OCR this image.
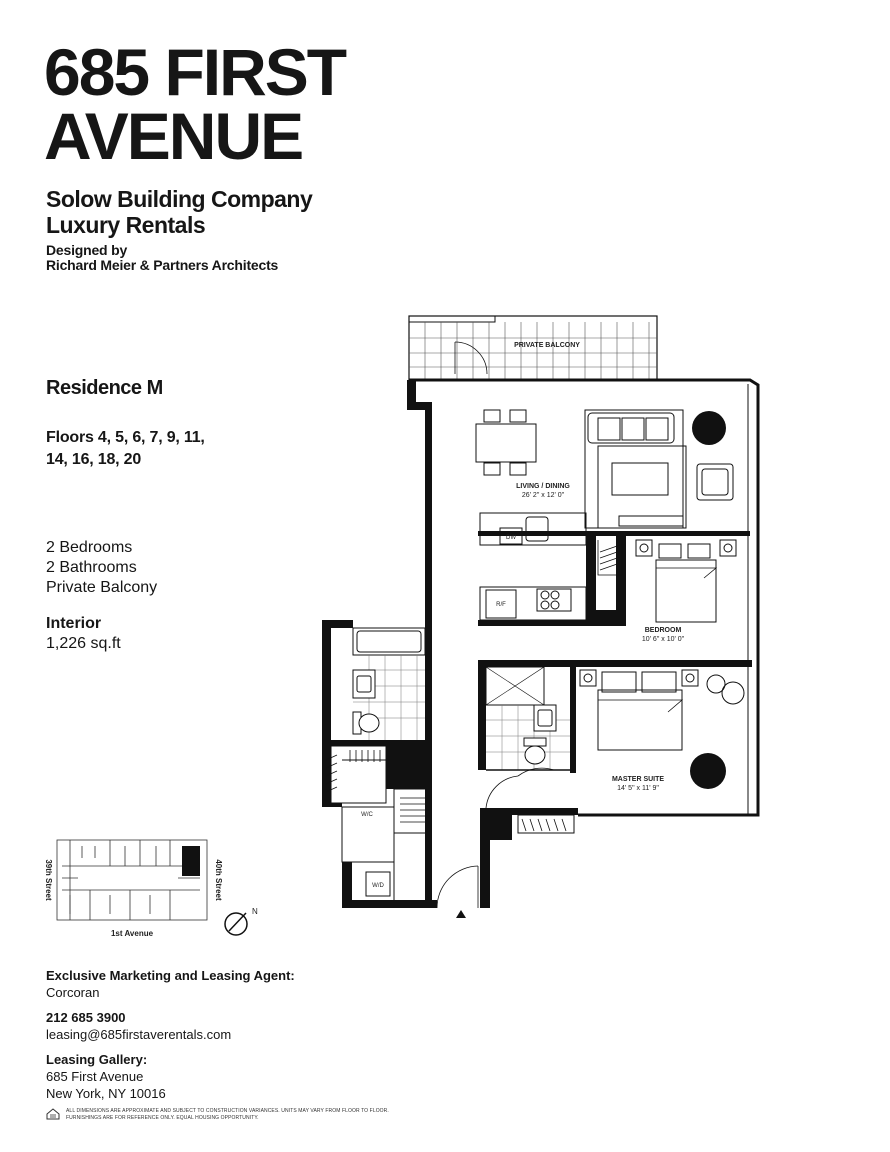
685 FIRST
AVENUE
Solow Building Company
Luxury Rentals
Designed by
Richard Meier & Partners Architects
Residence M
Floors 4, 5, 6, 7, 9, 11,
14, 16, 18, 20
2 Bedrooms
2 Bathrooms
Private Balcony
Interior
1,226 sq.ft
PRIVATE BALCONY
LIVING / DINING
26' 2" x 12' 0"
BEDROOM
10' 6" x 10' 0"
MASTER SUITE
14' 5" x 11' 9"
DW
R/F
W/C
W/D
39th Street	40th Street
1st Avenue
N
Exclusive Marketing and Leasing Agent:
Corcoran
212 685 3900
leasing@685firstaverentals.com
Leasing Gallery:
685 First Avenue
New York, NY 10016
ALL DIMENSIONS ARE APPROXIMATE AND SUBJECT TO CONSTRUCTION VARIANCES. UNITS MAY VARY FROM FLOOR TO FLOOR.
FURNISHINGS ARE FOR REFERENCE ONLY. EQUAL HOUSING OPPORTUNITY.
